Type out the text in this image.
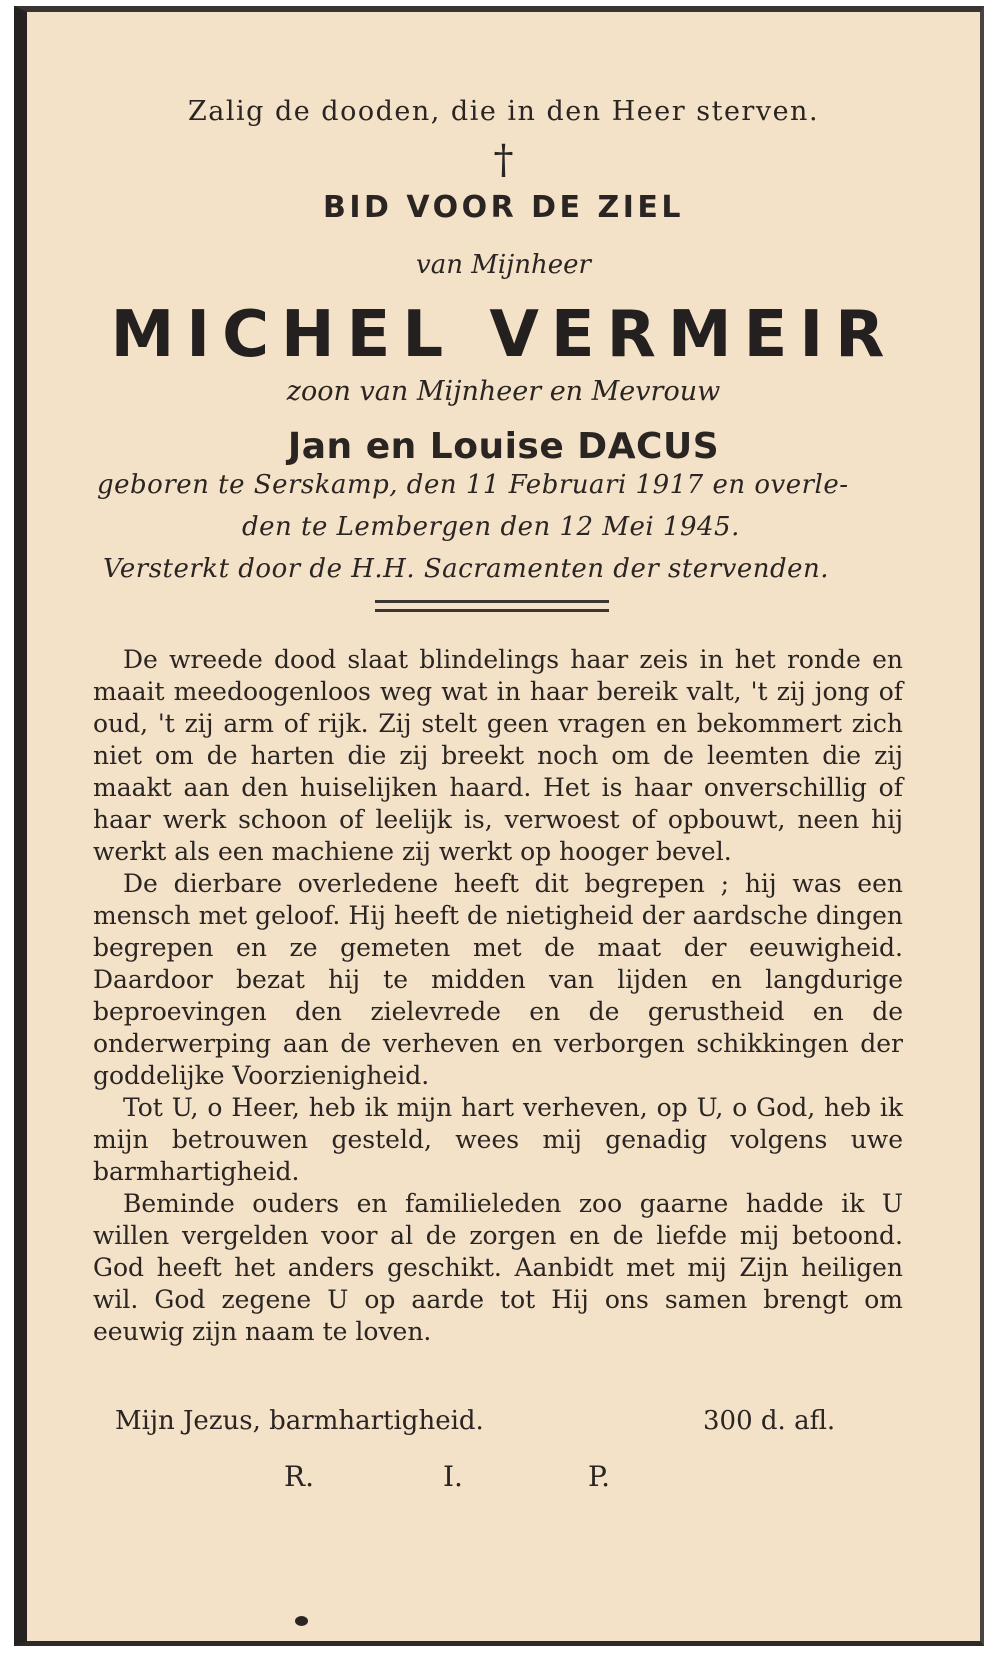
Zalig de dooden, die in den Heer sterven.
†
BID VOOR DE ZIEL
van Mijnheer
MICHEL VERMEIR
zoon van Mijnheer en Mevrouw
Jan en Louise DACUS
geboren te Serskamp, den 11 Februari 1917 en overle-
den te Lembergen den 12 Mei 1945.
Versterkt door de H.H. Sacramenten der stervenden.

De wreede dood slaat blindelings haar zeis in het ronde en maait meedoogenloos weg wat in haar bereik valt, 't zij jong of oud, 't zij arm of rijk. Zij stelt geen vragen en bekommert zich niet om de harten die zij breekt noch om de leemten die zij maakt aan den huiselijken haard. Het is haar onverschillig of haar werk schoon of leelijk is, verwoest of opbouwt, neen hij werkt als een machiene zij werkt op hooger bevel.

De dierbare overledene heeft dit begrepen ; hij was een mensch met geloof. Hij heeft de nietigheid der aardsche dingen begrepen en ze gemeten met de maat der eeuwigheid. Daardoor bezat hij te midden van lijden en langdurige beproevingen den zielevrede en de gerustheid en de onderwerping aan de verheven en verborgen schikkingen der goddelijke Voorzienigheid.

Tot U, o Heer, heb ik mijn hart verheven, op U, o God, heb ik mijn betrouwen gesteld, wees mij genadig volgens uwe barmhartigheid.

Beminde ouders en familieleden zoo gaarne hadde ik U willen vergelden voor al de zorgen en de liefde mij betoond. God heeft het anders geschikt. Aanbidt met mij Zijn heiligen wil. God zegene U op aarde tot Hij ons samen brengt om eeuwig zijn naam te loven.

Mijn Jezus, barmhartigheid.	300 d. afl.
R.	I.	P.
